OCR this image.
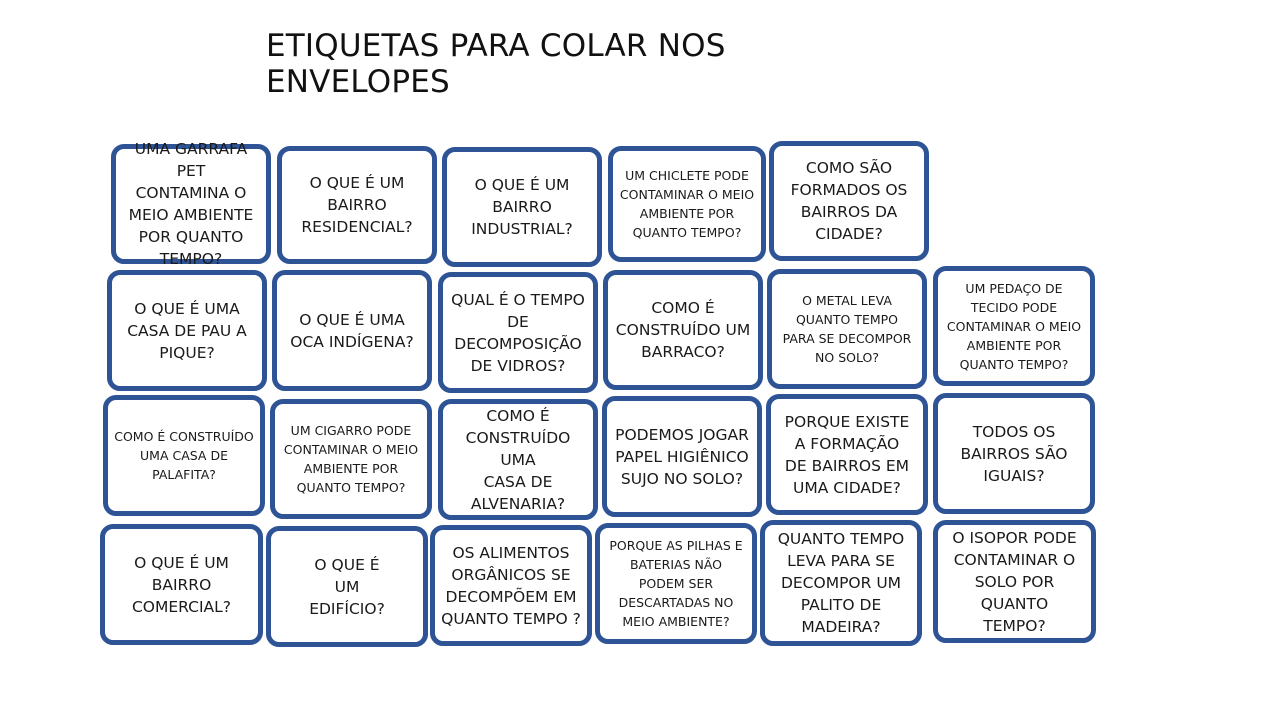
ETIQUETAS PARA COLAR NOS ENVELOPES
UMA GARRAFA PET
CONTAMINA O
MEIO AMBIENTE
POR QUANTO
TEMPO?
O QUE É UM
BAIRRO
RESIDENCIAL?
O QUE É UM
BAIRRO
INDUSTRIAL?
UM CHICLETE PODE
CONTAMINAR O MEIO
AMBIENTE POR
QUANTO TEMPO?
COMO SÃO
FORMADOS OS
BAIRROS DA
CIDADE?
O QUE É UMA
CASA DE PAU A
PIQUE?
O QUE É UMA
OCA INDÍGENA?
QUAL É O TEMPO
DE
DECOMPOSIÇÃO
DE VIDROS?
COMO É
CONSTRUÍDO UM
BARRACO?
O METAL LEVA
QUANTO TEMPO
PARA SE DECOMPOR
NO SOLO?
UM PEDAÇO DE
TECIDO PODE
CONTAMINAR O MEIO
AMBIENTE POR
QUANTO TEMPO?
COMO É CONSTRUÍDO
UMA CASA DE
PALAFITA?
UM CIGARRO PODE
CONTAMINAR O MEIO
AMBIENTE POR
QUANTO TEMPO?
COMO É
CONSTRUÍDO UMA
CASA DE
ALVENARIA?
PODEMOS JOGAR
PAPEL HIGIÊNICO
SUJO NO SOLO?
PORQUE EXISTE
A FORMAÇÃO
DE BAIRROS EM
UMA CIDADE?
TODOS OS
BAIRROS SÃO
IGUAIS?
O QUE É UM
BAIRRO
COMERCIAL?
O QUE É
UM
EDIFÍCIO?
OS ALIMENTOS
ORGÂNICOS SE
DECOMPÕEM EM
QUANTO TEMPO ?
PORQUE AS PILHAS E
BATERIAS NÃO
PODEM SER
DESCARTADAS NO
MEIO AMBIENTE?
QUANTO TEMPO
LEVA PARA SE
DECOMPOR UM
PALITO DE
MADEIRA?
O ISOPOR PODE
CONTAMINAR O
SOLO POR QUANTO
TEMPO?
